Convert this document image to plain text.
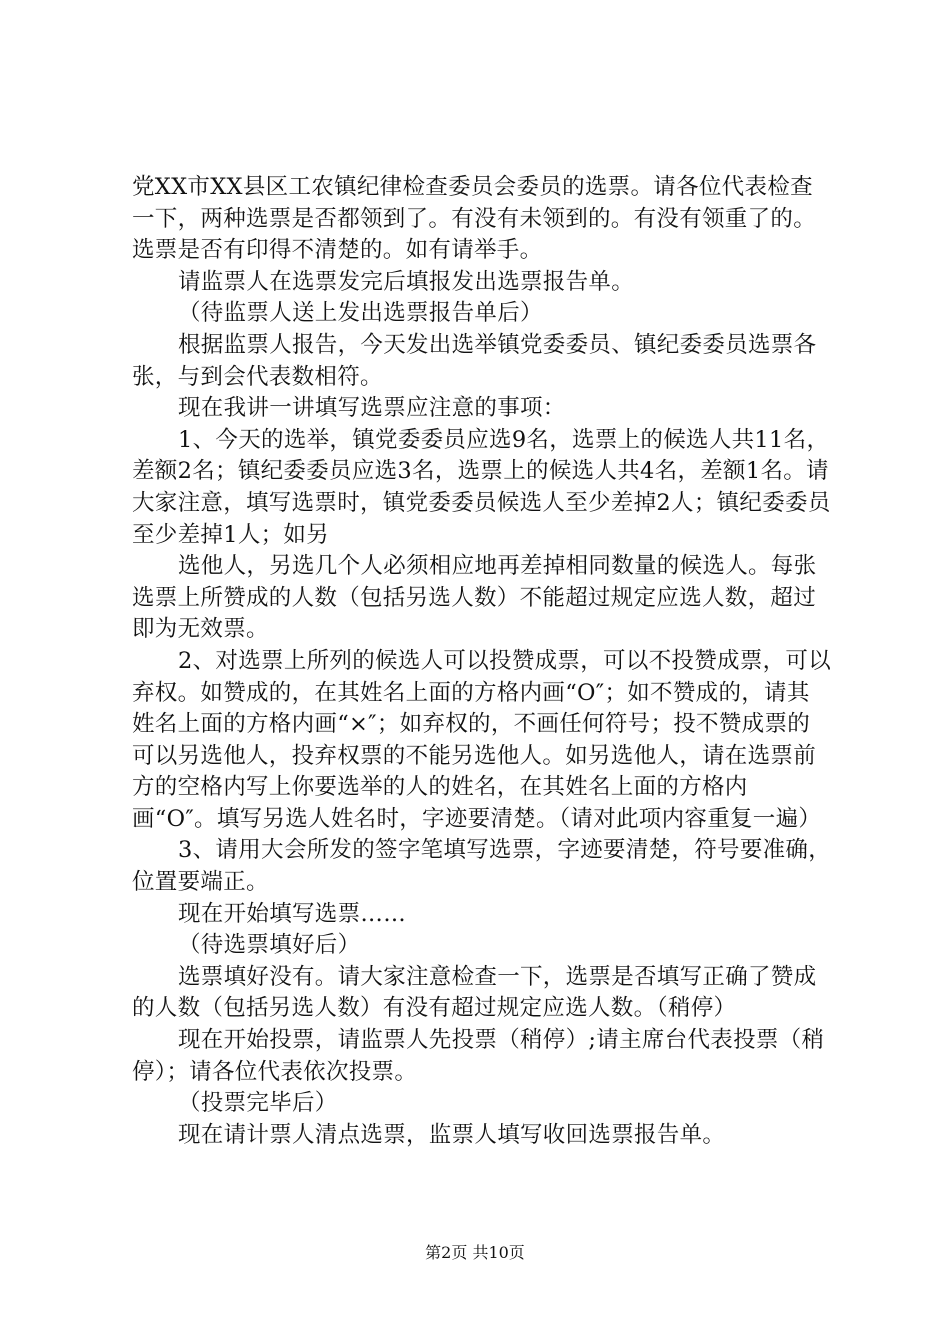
党XX市XX县区工农镇纪律检查委员会委员的选票。请各位代表检查一下，两种选票是否都领到了。有没有未领到的。有没有领重了的。选票是否有印得不清楚的。如有请举手。

请监票人在选票发完后填报发出选票报告单。

（待监票人送上发出选票报告单后）

根据监票人报告，今天发出选举镇党委委员、镇纪委委员选票各张，与到会代表数相符。

现在我讲一讲填写选票应注意的事项：

1、今天的选举，镇党委委员应选9名，选票上的候选人共11名，差额2名；镇纪委委员应选3名，选票上的候选人共4名，差额1名。请大家注意，填写选票时，镇党委委员候选人至少差掉2人；镇纪委委员至少差掉1人；如另

选他人，另选几个人必须相应地再差掉相同数量的候选人。每张选票上所赞成的人数（包括另选人数）不能超过规定应选人数，超过即为无效票。

2、对选票上所列的候选人可以投赞成票，可以不投赞成票，可以弃权。如赞成的，在其姓名上面的方格内画“O″；如不赞成的，请其姓名上面的方格内画“×″；如弃权的，不画任何符号；投不赞成票的可以另选他人，投弃权票的不能另选他人。如另选他人，请在选票前方的空格内写上你要选举的人的姓名，在其姓名上面的方格内画“O″。填写另选人姓名时，字迹要清楚。（请对此项内容重复一遍）

3、请用大会所发的签字笔填写选票，字迹要清楚，符号要准确，位置要端正。

现在开始填写选票……

（待选票填好后）

选票填好没有。请大家注意检查一下，选票是否填写正确了赞成的人数（包括另选人数）有没有超过规定应选人数。（稍停）

现在开始投票，请监票人先投票（稍停）;请主席台代表投票（稍停）；请各位代表依次投票。

（投票完毕后）

现在请计票人清点选票，监票人填写收回选票报告单。

第2页 共10页
